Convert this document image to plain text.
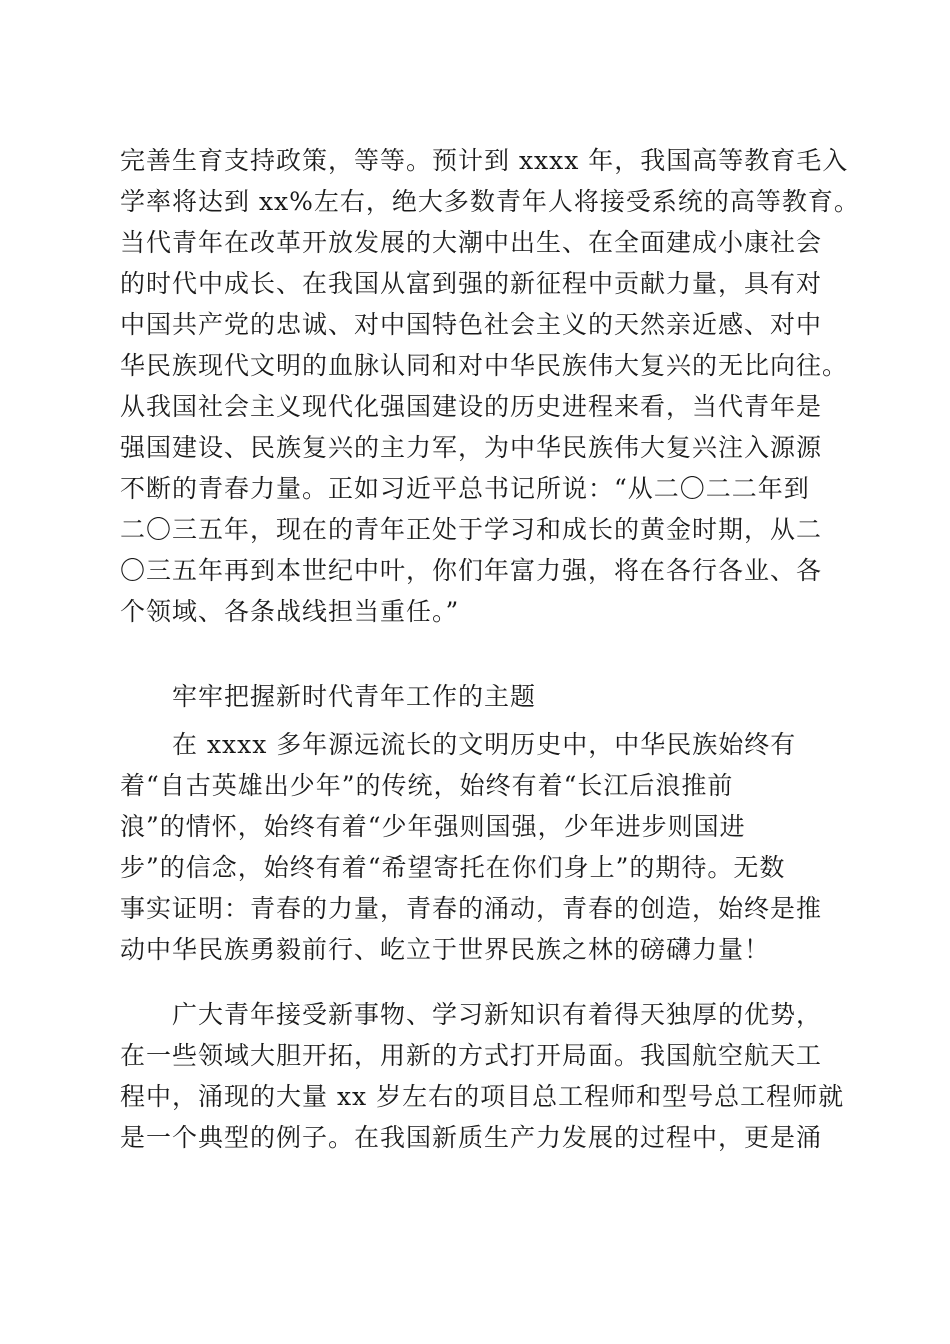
完善生育支持政策，等等。预计到 xxxx 年，我国高等教育毛入
学率将达到 xx%左右，绝大多数青年人将接受系统的高等教育。
当代青年在改革开放发展的大潮中出生、在全面建成小康社会
的时代中成长、在我国从富到强的新征程中贡献力量，具有对
中国共产党的忠诚、对中国特色社会主义的天然亲近感、对中
华民族现代文明的血脉认同和对中华民族伟大复兴的无比向往。
从我国社会主义现代化强国建设的历史进程来看，当代青年是
强国建设、民族复兴的主力军，为中华民族伟大复兴注入源源
不断的青春力量。正如习近平总书记所说：“从二〇二二年到
二〇三五年，现在的青年正处于学习和成长的黄金时期，从二
〇三五年再到本世纪中叶，你们年富力强，将在各行各业、各
个领域、各条战线担当重任。”
牢牢把握新时代青年工作的主题
在 xxxx 多年源远流长的文明历史中，中华民族始终有
着“自古英雄出少年”的传统，始终有着“长江后浪推前
浪”的情怀，始终有着“少年强则国强，少年进步则国进
步”的信念，始终有着“希望寄托在你们身上”的期待。无数
事实证明：青春的力量，青春的涌动，青春的创造，始终是推
动中华民族勇毅前行、屹立于世界民族之林的磅礴力量！
广大青年接受新事物、学习新知识有着得天独厚的优势，
在一些领域大胆开拓，用新的方式打开局面。我国航空航天工
程中，涌现的大量 xx 岁左右的项目总工程师和型号总工程师就
是一个典型的例子。在我国新质生产力发展的过程中，更是涌
